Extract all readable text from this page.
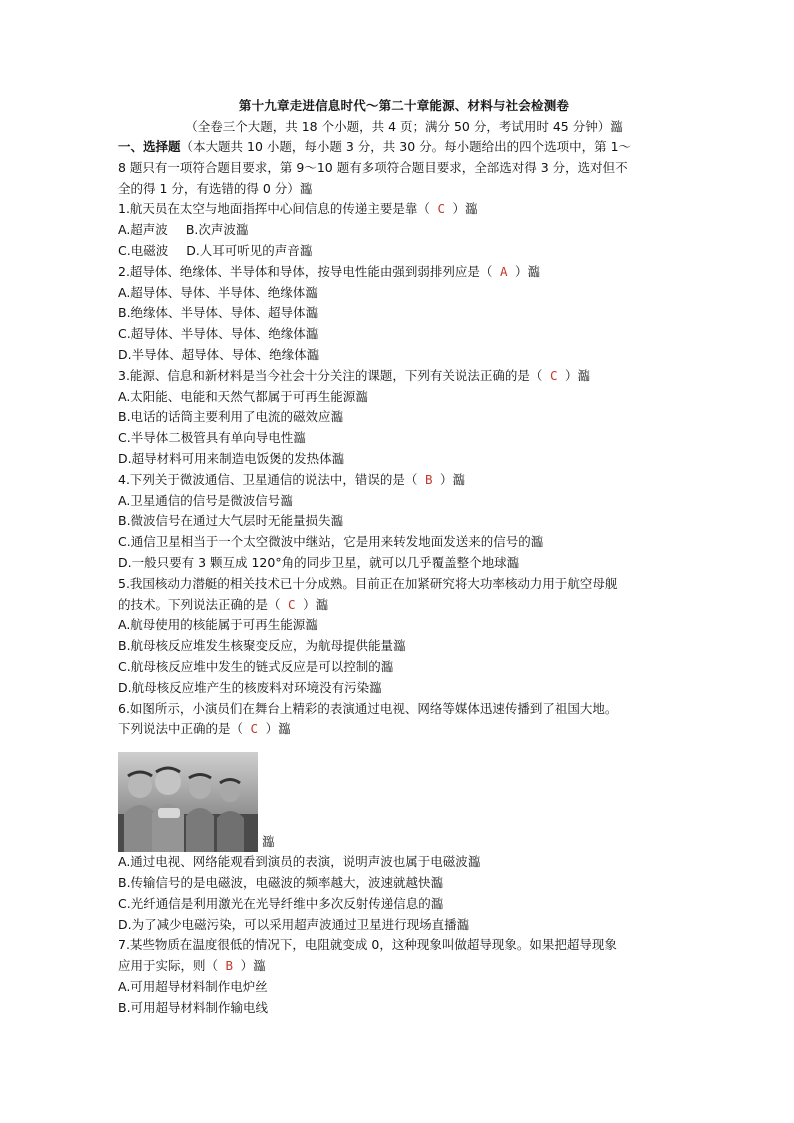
第十九章走进信息时代～第二十章能源、材料与社会检测卷

（全卷三个大题，共 18 个小题，共 4 页；满分 50 分，考试用时 45 分钟）瀶

一、选择题（本大题共 10 小题，每小题 3 分，共 30 分。每小题给出的四个选项中，第 1～

8 题只有一项符合题目要求，第 9～10 题有多项符合题目要求，全部选对得 3 分，选对但不

全的得 1 分，有选错的得 0 分）瀶

1.航天员在太空与地面指挥中心间信息的传递主要是靠（ C ）瀶

A.超声波 B.次声波瀶

C.电磁波 D.人耳可听见的声音瀶

2.超导体、绝缘体、半导体和导体，按导电性能由强到弱排列应是（ A ）瀶

A.超导体、导体、半导体、绝缘体瀶

B.绝缘体、半导体、导体、超导体瀶

C.超导体、半导体、导体、绝缘体瀶

D.半导体、超导体、导体、绝缘体瀶

3.能源、信息和新材料是当今社会十分关注的课题，下列有关说法正确的是（ C ）瀶

A.太阳能、电能和天然气都属于可再生能源瀶

B.电话的话筒主要利用了电流的磁效应瀶

C.半导体二极管具有单向导电性瀶

D.超导材料可用来制造电饭煲的发热体瀶

4.下列关于微波通信、卫星通信的说法中，错误的是（ B ）瀶

A.卫星通信的信号是微波信号瀶

B.微波信号在通过大气层时无能量损失瀶

C.通信卫星相当于一个太空微波中继站，它是用来转发地面发送来的信号的瀶

D.一般只要有 3 颗互成 120°角的同步卫星，就可以几乎覆盖整个地球瀶

5.我国核动力潜艇的相关技术已十分成熟。目前正在加紧研究将大功率核动力用于航空母舰

的技术。下列说法正确的是（ C ）瀶

A.航母使用的核能属于可再生能源瀶

B.航母核反应堆发生核聚变反应，为航母提供能量瀶

C.航母核反应堆中发生的链式反应是可以控制的瀶

D.航母核反应堆产生的核废料对环境没有污染瀶

6.如图所示，小演员们在舞台上精彩的表演通过电视、网络等媒体迅速传播到了祖国大地。

下列说法中正确的是（ C ）瀶

瀶

A.通过电视、网络能观看到演员的表演，说明声波也属于电磁波瀶

B.传输信号的是电磁波，电磁波的频率越大，波速就越快瀶

C.光纤通信是利用激光在光导纤维中多次反射传递信息的瀶

D.为了减少电磁污染，可以采用超声波通过卫星进行现场直播瀶

7.某些物质在温度很低的情况下，电阻就变成 0，这种现象叫做超导现象。如果把超导现象

应用于实际，则（ B ）瀶

A.可用超导材料制作电炉丝

B.可用超导材料制作输电线
